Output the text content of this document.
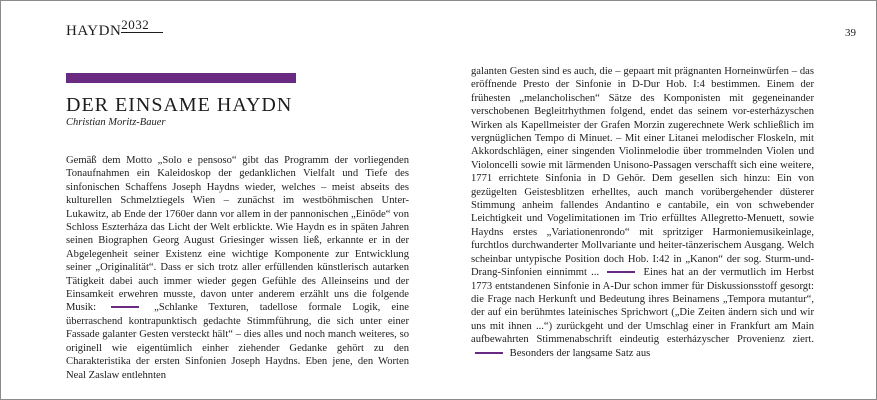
HAYDN2032
39
DER EINSAME HAYDN
Christian Moritz-Bauer
Gemäß dem Motto „Solo e pensoso“ gibt das Programm der vorliegenden Tonaufnahmen ein Kaleidoskop der gedanklichen Vielfalt und Tiefe des sinfonischen Schaffens Joseph Haydns wieder, welches – meist abseits des kulturellen Schmelztiegels Wien – zunächst im westböhmischen Unter-Lukawitz, ab Ende der 1760er dann vor allem in der pannonischen „Einöde“ von Schloss Eszterháza das Licht der Welt erblickte. Wie Haydn es in späten Jahren seinen Biographen Georg August Griesinger wissen ließ, erkannte er in der Abgelegenheit seiner Existenz eine wichtige Komponente zur Entwicklung seiner „Originalität“. Dass er sich trotz aller erfüllenden künstlerisch autarken Tätigkeit dabei auch immer wieder gegen Gefühle des Alleinseins und der Einsamkeit erwehren musste, davon unter anderem erzählt uns die folgende Musik:	„Schlanke Texturen, tadellose formale Logik, eine überraschend kontrapunktisch gedachte Stimmführung, die sich unter einer Fassade galanter Gesten versteckt hält“ – dies alles und noch manch weiteres, so originell wie eigentümlich einher ziehender Gedanke gehört zu den Charakteristika der ersten Sinfonien Joseph Haydns. Eben jene, den Worten Neal Zaslaw entlehnten
galanten Gesten sind es auch, die – gepaart mit prägnanten Horneinwürfen – das eröffnende Presto der Sinfonie in D-Dur Hob. I:4 bestimmen. Einem der frühesten „melancholischen“ Sätze des Komponisten mit gegeneinander verschobenen Begleitrhythmen folgend, endet das seinem vor-esterházyschen Wirken als Kapellmeister der Grafen Morzin zugerechnete Werk schließlich im vergnüglichen Tempo di Minuet. – Mit einer Litanei melodischer Floskeln, mit Akkordschlägen, einer singenden Violinmelodie über trommelnden Violen und Violoncelli sowie mit lärmenden Unisono-Passagen verschafft sich eine weitere, 1771 errichtete Sinfonia in D Gehör. Dem gesellen sich hinzu: Ein von gezügelten Geistesblitzen erhelltes, auch manch vorübergehender düsterer Stimmung anheim fallendes Andantino e cantabile, ein von schwebender Leichtigkeit und Vogelimitationen im Trio erfülltes Allegretto-Menuett, sowie Haydns erstes „Variationenrondo“ mit spritziger Harmoniemusikeinlage, furchtlos durchwanderter Mollvariante und heiter-tänzerischem Ausgang. Welch scheinbar untypische Position doch Hob. I:42 in „Kanon“ der sog. Sturm-und-Drang-Sinfonien einnimmt ...	Eines hat an der vermutlich im Herbst 1773 entstandenen Sinfonie in A-Dur schon immer für Diskussionsstoff gesorgt: die Frage nach Herkunft und Bedeutung ihres Beinamens „Tempora mutantur“, der auf ein berühmtes lateinisches Sprichwort („Die Zeiten ändern sich und wir uns mit ihnen ...“) zurückgeht und der Umschlag einer in Frankfurt am Main aufbewahrten Stimmenabschrift eindeutig esterházyscher Provenienz ziert.  Besonders der langsame Satz aus
